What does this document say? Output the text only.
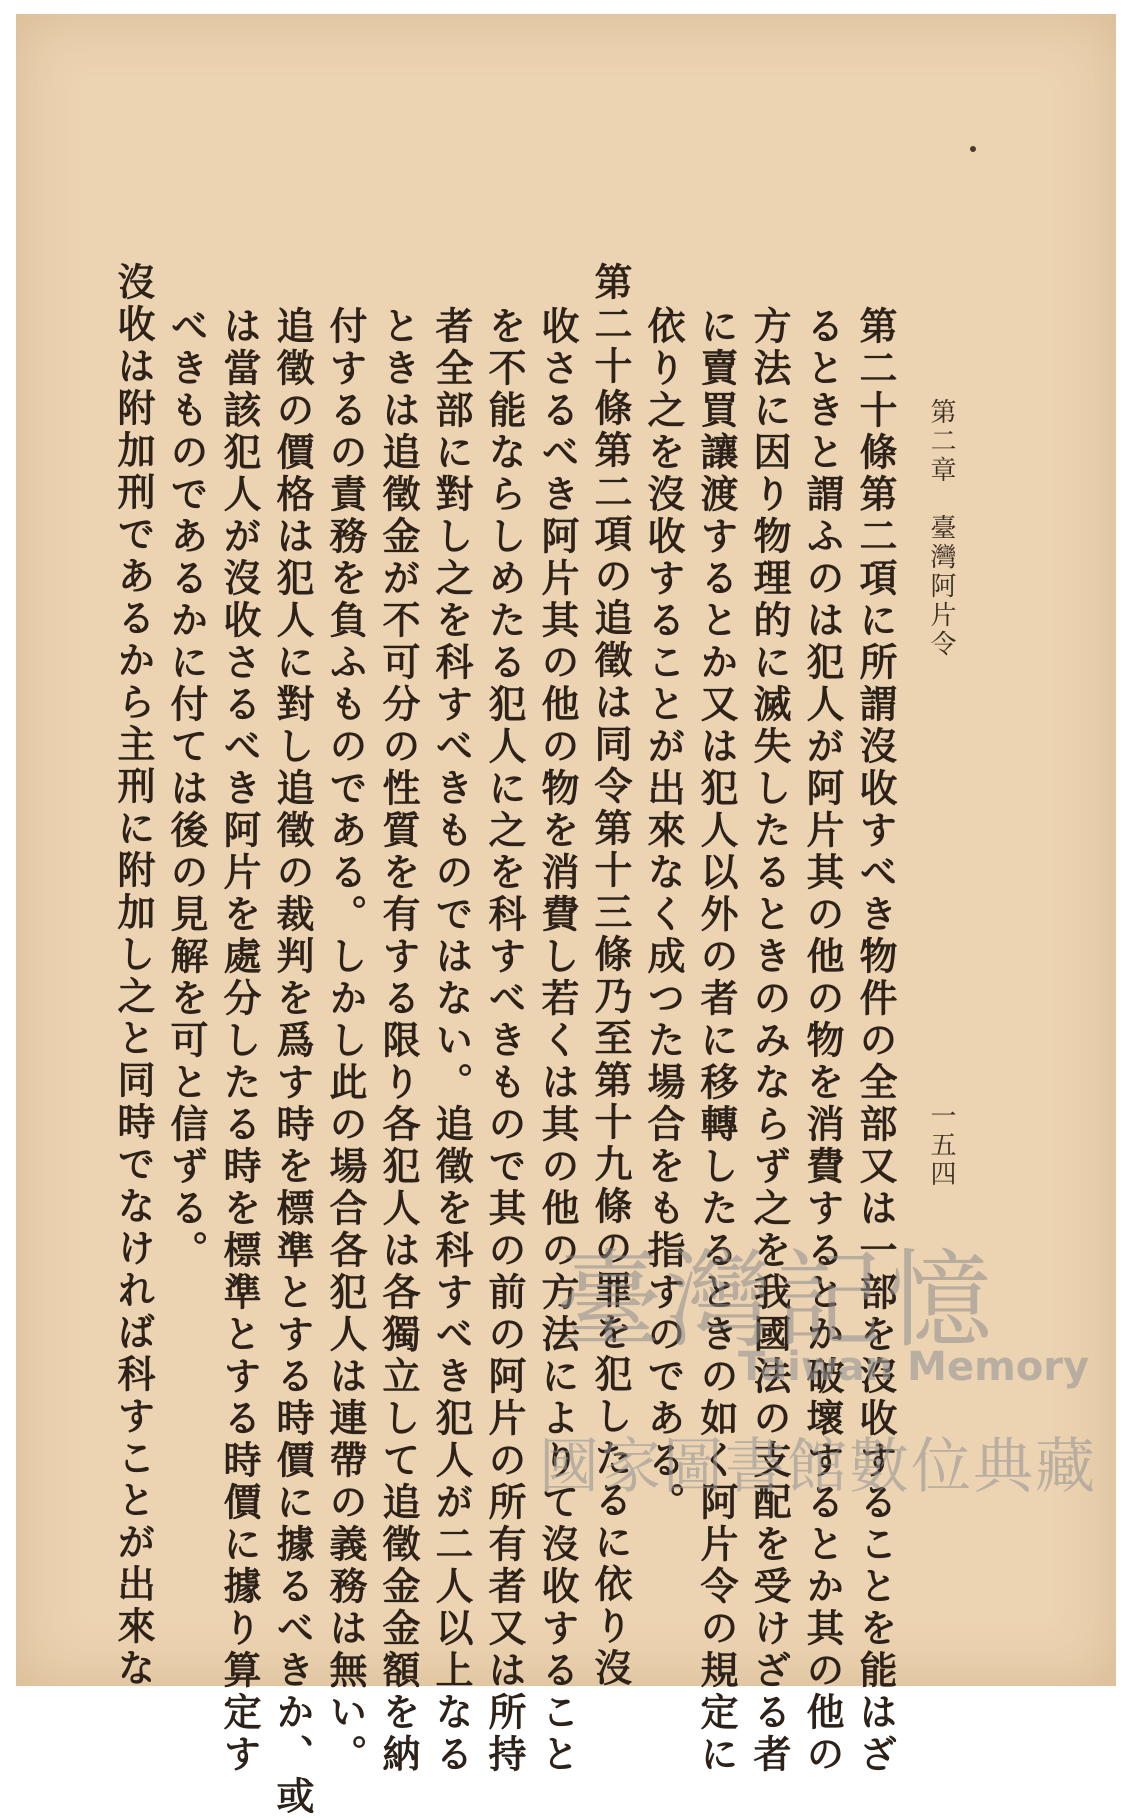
第二章　臺灣阿片令
一五四
第二十條第二項に所謂沒收すべき物件の全部又は一部を沒收することを能はざ
るときと謂ふのは犯人が阿片其の他の物を消費するとか破壞するとか其の他の
方法に因り物理的に滅失したるときのみならず之を我國法の支配を受けざる者
に賣買讓渡するとか又は犯人以外の者に移轉したるときの如く阿片令の規定に
依り之を沒收することが出來なく成つた場合をも指すのである。
第二十條第二項の追徵は同令第十三條乃至第十九條の罪を犯したるに依り沒
收さるべき阿片其の他の物を消費し若くは其の他の方法によりて沒收すること
を不能ならしめたる犯人に之を科すべきもので其の前の阿片の所有者又は所持
者全部に對し之を科すべきものではない。追徵を科すべき犯人が二人以上なる
ときは追徵金が不可分の性質を有する限り各犯人は各獨立して追徵金金額を納
付するの責務を負ふものである。しかし此の場合各犯人は連帶の義務は無い。
追徵の價格は犯人に對し追徵の裁判を爲す時を標準とする時價に據るべきか、或
は當該犯人が沒收さるべき阿片を處分したる時を標準とする時價に據り算定す
べきものであるかに付ては後の見解を可と信ずる。
沒收は附加刑であるから主刑に附加し之と同時でなければ科すことが出來な	臺灣記憶
Taiwan Memory
國家圖書館數位典藏
